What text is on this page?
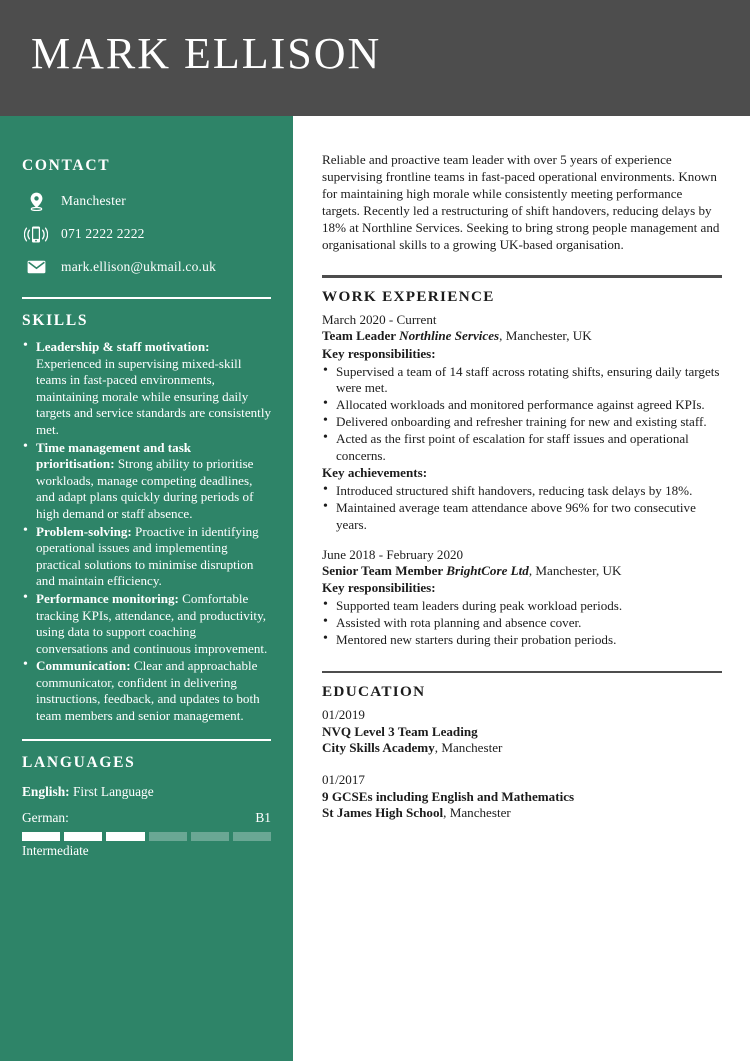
MARK ELLISON
CONTACT
Manchester
071 2222 2222
mark.ellison@ukmail.co.uk
SKILLS
• Leadership & staff motivation: Experienced in supervising mixed-skill teams in fast-paced environments, maintaining morale while ensuring daily targets and service standards are consistently met.
• Time management and task prioritisation: Strong ability to prioritise workloads, manage competing deadlines, and adapt plans quickly during periods of high demand or staff absence.
• Problem-solving: Proactive in identifying operational issues and implementing practical solutions to minimise disruption and maintain efficiency.
• Performance monitoring: Comfortable tracking KPIs, attendance, and productivity, using data to support coaching conversations and continuous improvement.
• Communication: Clear and approachable communicator, confident in delivering instructions, feedback, and updates to both team members and senior management.
LANGUAGES
English: First Language
German:	B1
Intermediate
Reliable and proactive team leader with over 5 years of experience supervising frontline teams in fast-paced operational environments. Known for maintaining high morale while consistently meeting performance targets. Recently led a restructuring of shift handovers, reducing delays by 18% at Northline Services. Seeking to bring strong people management and organisational skills to a growing UK-based organisation.
WORK EXPERIENCE
March 2020 - Current
Team Leader Northline Services, Manchester, UK
Key responsibilities:
• Supervised a team of 14 staff across rotating shifts, ensuring daily targets were met.
• Allocated workloads and monitored performance against agreed KPIs.
• Delivered onboarding and refresher training for new and existing staff.
• Acted as the first point of escalation for staff issues and operational concerns.
Key achievements:
• Introduced structured shift handovers, reducing task delays by 18%.
• Maintained average team attendance above 96% for two consecutive years.
June 2018 - February 2020
Senior Team Member BrightCore Ltd, Manchester, UK
Key responsibilities:
• Supported team leaders during peak workload periods.
• Assisted with rota planning and absence cover.
• Mentored new starters during their probation periods.
EDUCATION
01/2019
NVQ Level 3 Team Leading
City Skills Academy, Manchester
01/2017
9 GCSEs including English and Mathematics
St James High School, Manchester
